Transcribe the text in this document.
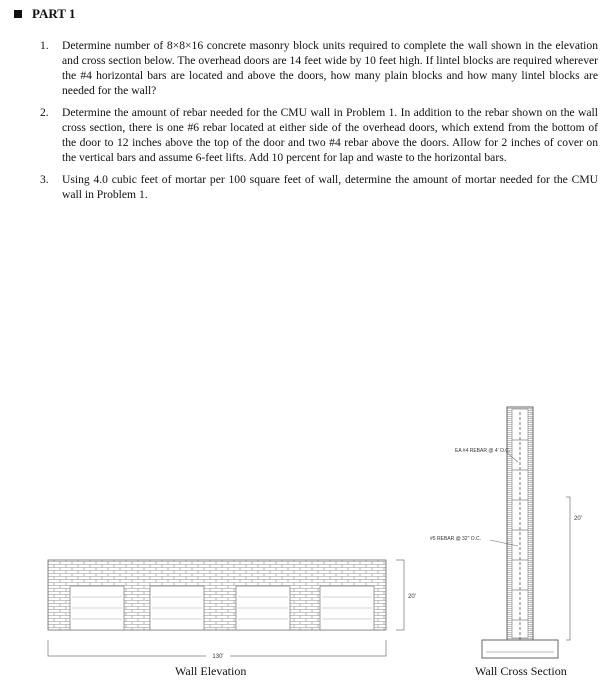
PART 1
1.	Determine number of 8×8×16 concrete masonry block units required to complete the wall shown in the elevation and cross section below. The overhead doors are 14 feet wide by 10 feet high. If lintel blocks are required wherever the #4 horizontal bars are located and above the doors, how many plain blocks and how many lintel blocks are needed for the wall?
2.	Determine the amount of rebar needed for the CMU wall in Problem 1. In addition to the rebar shown on the wall cross section, there is one #6 rebar located at either side of the overhead doors, which extend from the bottom of the door to 12 inches above the top of the door and two #4 rebar above the doors. Allow for 2 inches of cover on the vertical bars and assume 6-feet lifts. Add 10 percent for lap and waste to the horizontal bars.
3.	Using 4.0 cubic feet of mortar per 100 square feet of wall, determine the amount of mortar needed for the CMU wall in Problem 1.
130'
20'
EA #4 REBAR @ 4' O.C.
#5 REBAR @ 32" O.C.
20'
Wall Elevation	Wall Cross Section
